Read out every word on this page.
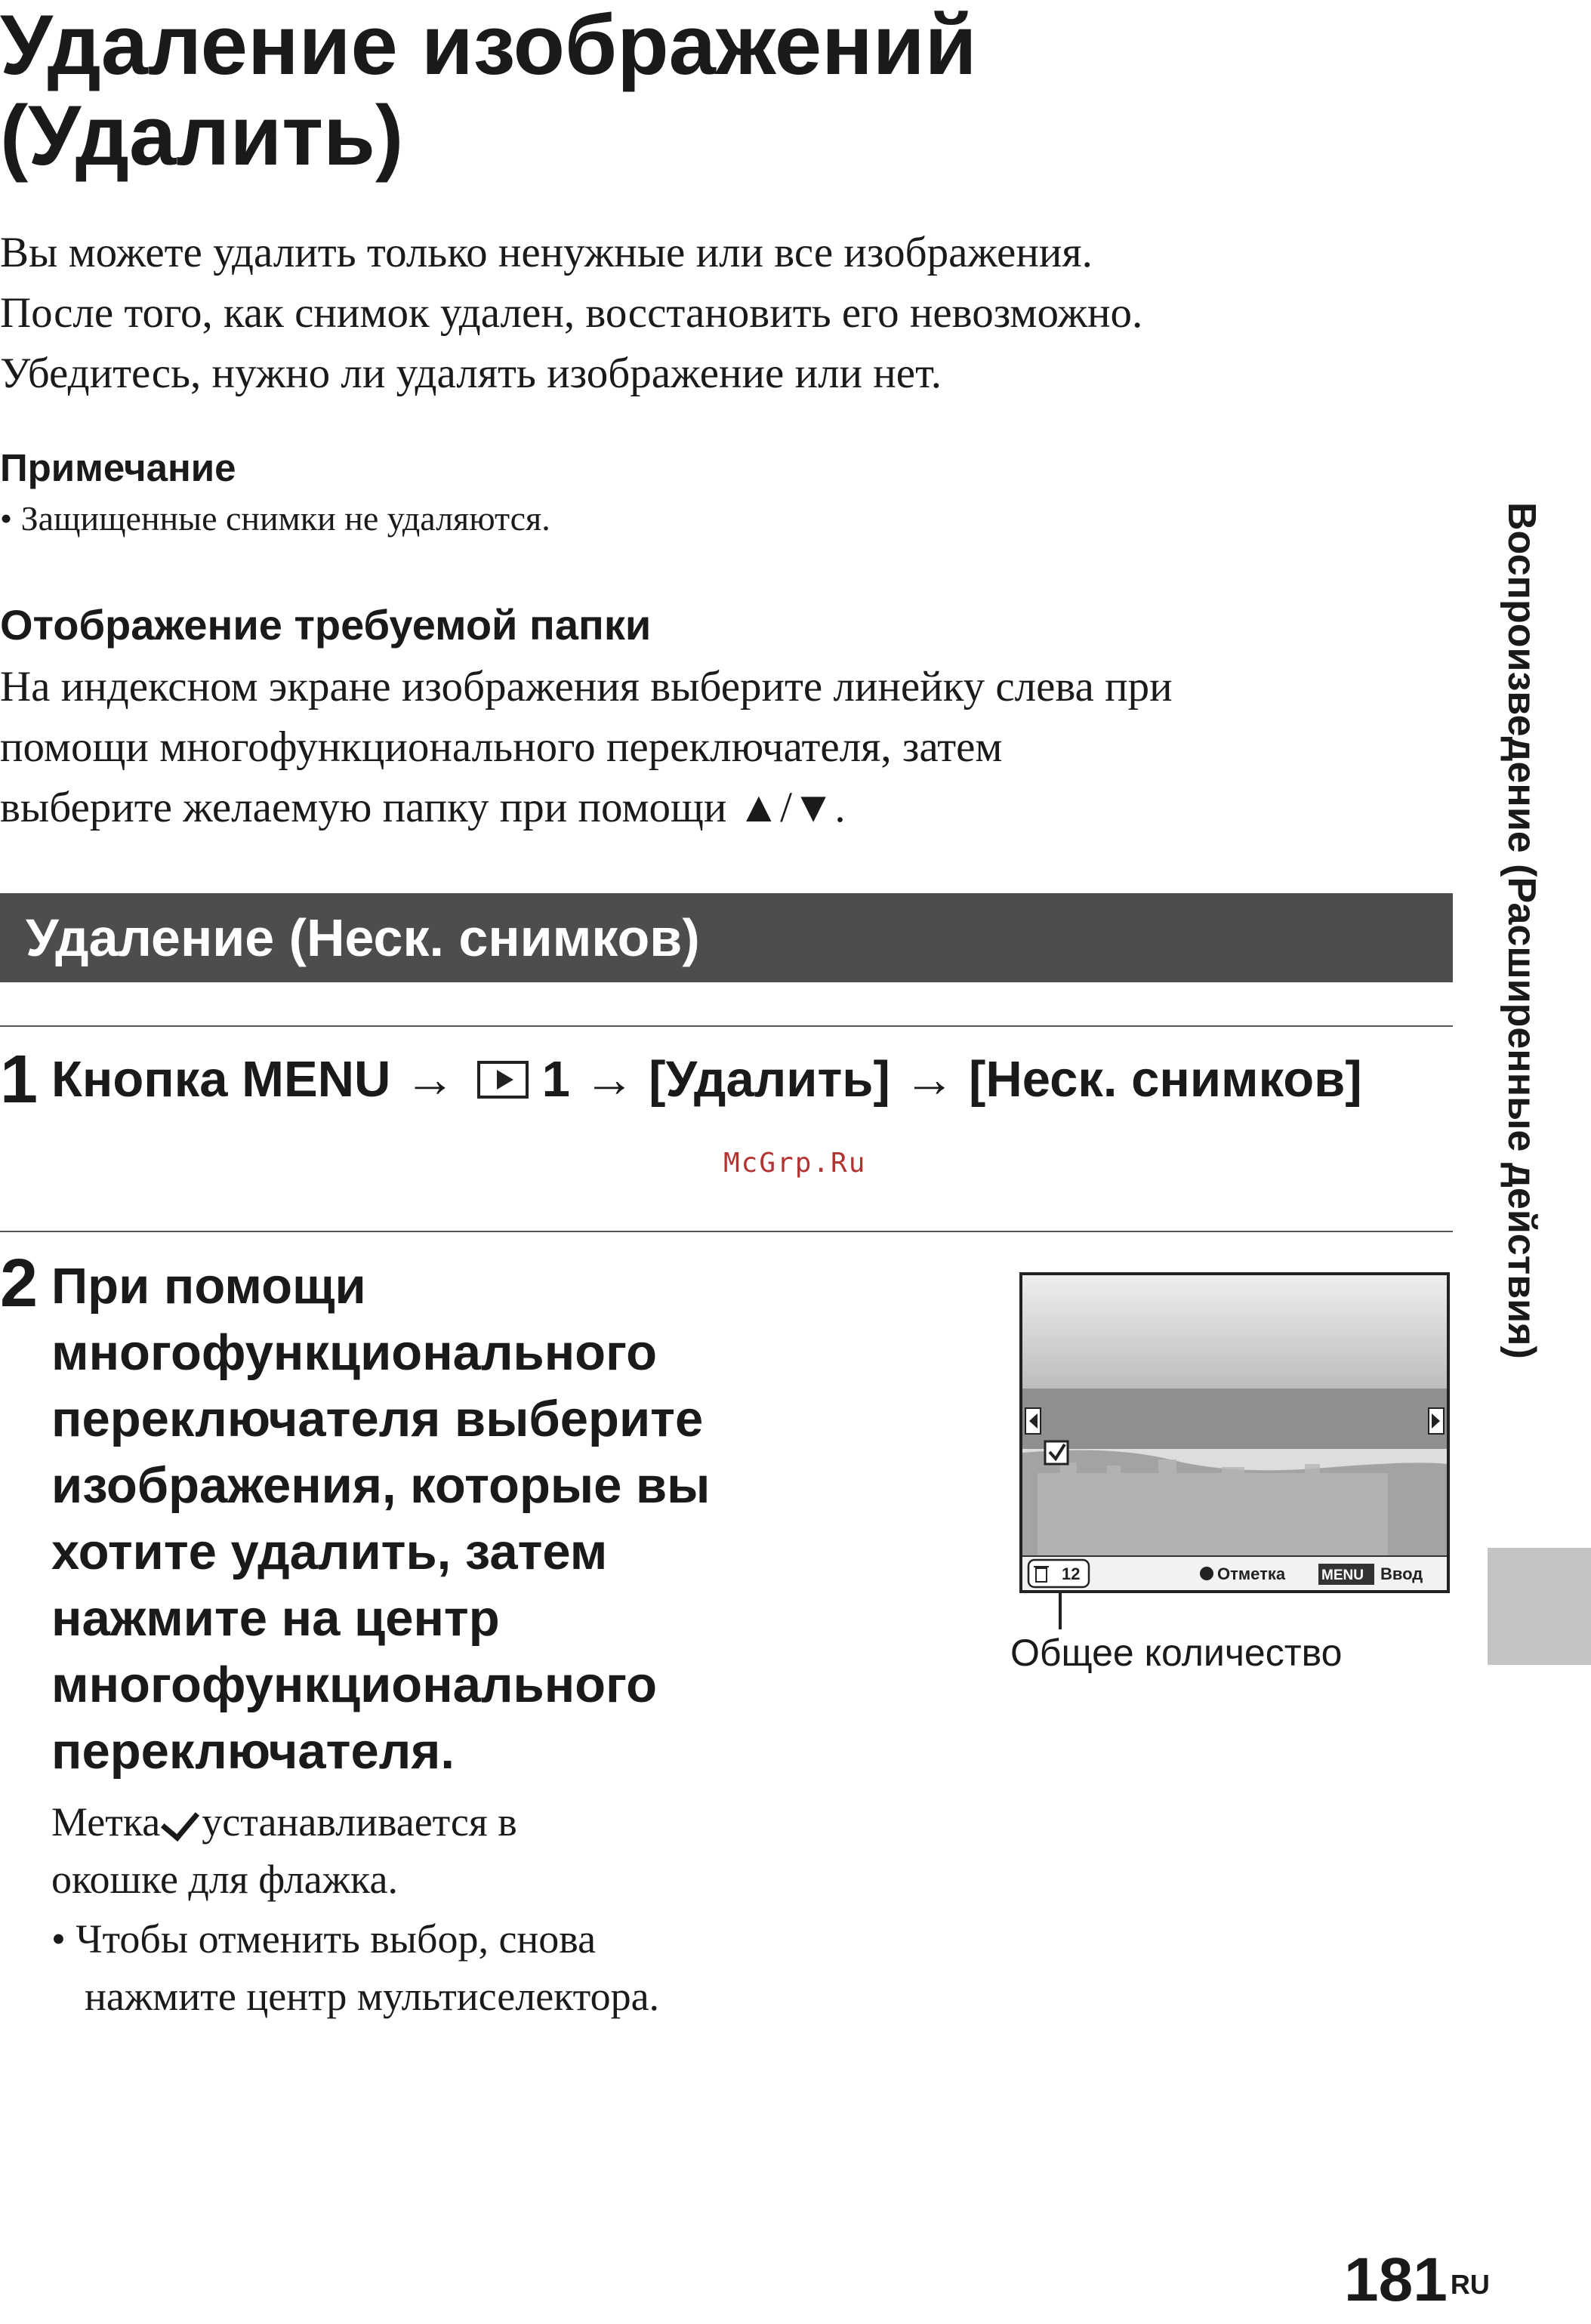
Удаление изображений
(Удалить)
Вы можете удалить только ненужные или все изображения.
После того, как снимок удален, восстановить его невозможно.
Убедитесь, нужно ли удалять изображение или нет.
Примечание
• Защищенные снимки не удаляются.
Отображение требуемой папки
На индексном экране изображения выберите линейку слева при
помощи многофункционального переключателя, затем
выберите желаемую папку при помощи ▲/▼.
Удаление (Неск. снимков)
1 Кнопка MENU →
1 → [Удалить] → [Неск. снимков]
McGrp.Ru
2 При помощи
многофункционального
переключателя выберите
изображения, которые вы
хотите удалить, затем
нажмите на центр
многофункционального
переключателя.
Метка устанавливается в
окошке для флажка.
• Чтобы отменить выбор, снова
нажмите центр мультиселектора.
12	Отметка	MENU Ввод
Общее количество
Воспроизведение (Расширенные действия)
181 $^{RU}$
